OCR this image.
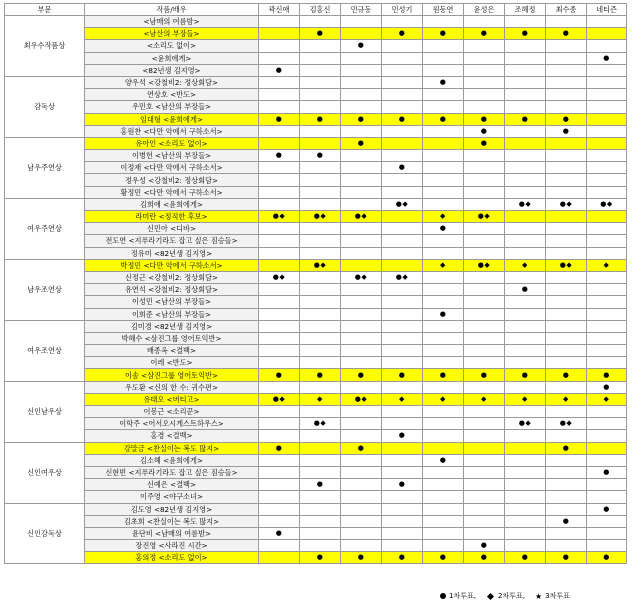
부문	작품/배우	곽신애	김홍신	민규동	민성기	원동연	윤성은	조혜정	최수종	네티즌
최우수작품상	<남매의 여름밤>									
	<남산의 부장들>		●		●	●	●	●	●	
	<소리도 없이>			●						
	<윤희에게>									●
	<82년생 김지영>	●								
감독상	양우석 <강철비2: 정상회담>					●				
	연상호 <반도>									
	우민호 <남산의 부장들>									
	임대형 <윤희에게>	●	●	●	●	●	●	●	●	
	홍원찬 <다만 악에서 구하소서>						●		●	
남우주연상	유아인 <소리도 없이>			●			●			
	이병헌 <남산의 부장들>	●	●							
	이정재 <다만 악에서 구하소서>				●					
	정우성 <강철비2: 정상회담>									
	황정민 <다만 악에서 구하소서>									
여우주연상	김희애 <윤희에게>				●◆			●◆	●◆	●◆
	라미란 <정직한 후보>	●◆	●◆	●◆		◆	●◆			
	신민아 <디바>					●				
	전도연 <지푸라기라도 잡고 싶은 짐승들>									
	정유미 <82년생 김지영>									
남우조연상	박정민 <다만 악에서 구하소서>		●◆			◆	●◆	◆	●◆	◆
	신정근 <강철비2: 정상회담>	●◆		●◆	●◆					
	유연석 <강철비2: 정상회담>							●		
	이성민 <남산의 부장들>									
	이희준 <남산의 부장들>					●				
여우조연상	김미경 <82년생 김지영>									
	박혜수 <삼진그룹 영어토익반>									
	배종옥 <결백>									
	이레 <반도>									
	이솜 <삼진그룹 영어토익반>	●	●	●	●	●	●	●	●	●
신인남우상	우도환 <신의 한 수: 귀수편>									●
	유태오 <버티고>	●◆	◆	●◆	◆	◆	◆	◆	◆	◆
	이봉근 <소리꾼>									
	이학주 <어서오시게스트하우스>		●◆					●◆	●◆	
	홍경 <결백>				●					
신인여우상	강말금 <찬실이는 복도 많지>	●		●					●	
	김소혜 <윤희에게>					●				
	신현빈 <지푸라기라도 잡고 싶은 짐승들>									●
	신예은 <결백>		●		●					
	이주영 <야구소녀>									
신인감독상	김도영 <82년생 김지영>									●
	김초희 <찬실이는 복도 많지>								●	
	윤단비 <남매의 여름밤>	●								
	장진영 <사라진 시간>						●			
	홍의정 <소리도 없이>		●	●	●	●	●	●	●	●
1차투표,	2차투표, ★ 3차투표
